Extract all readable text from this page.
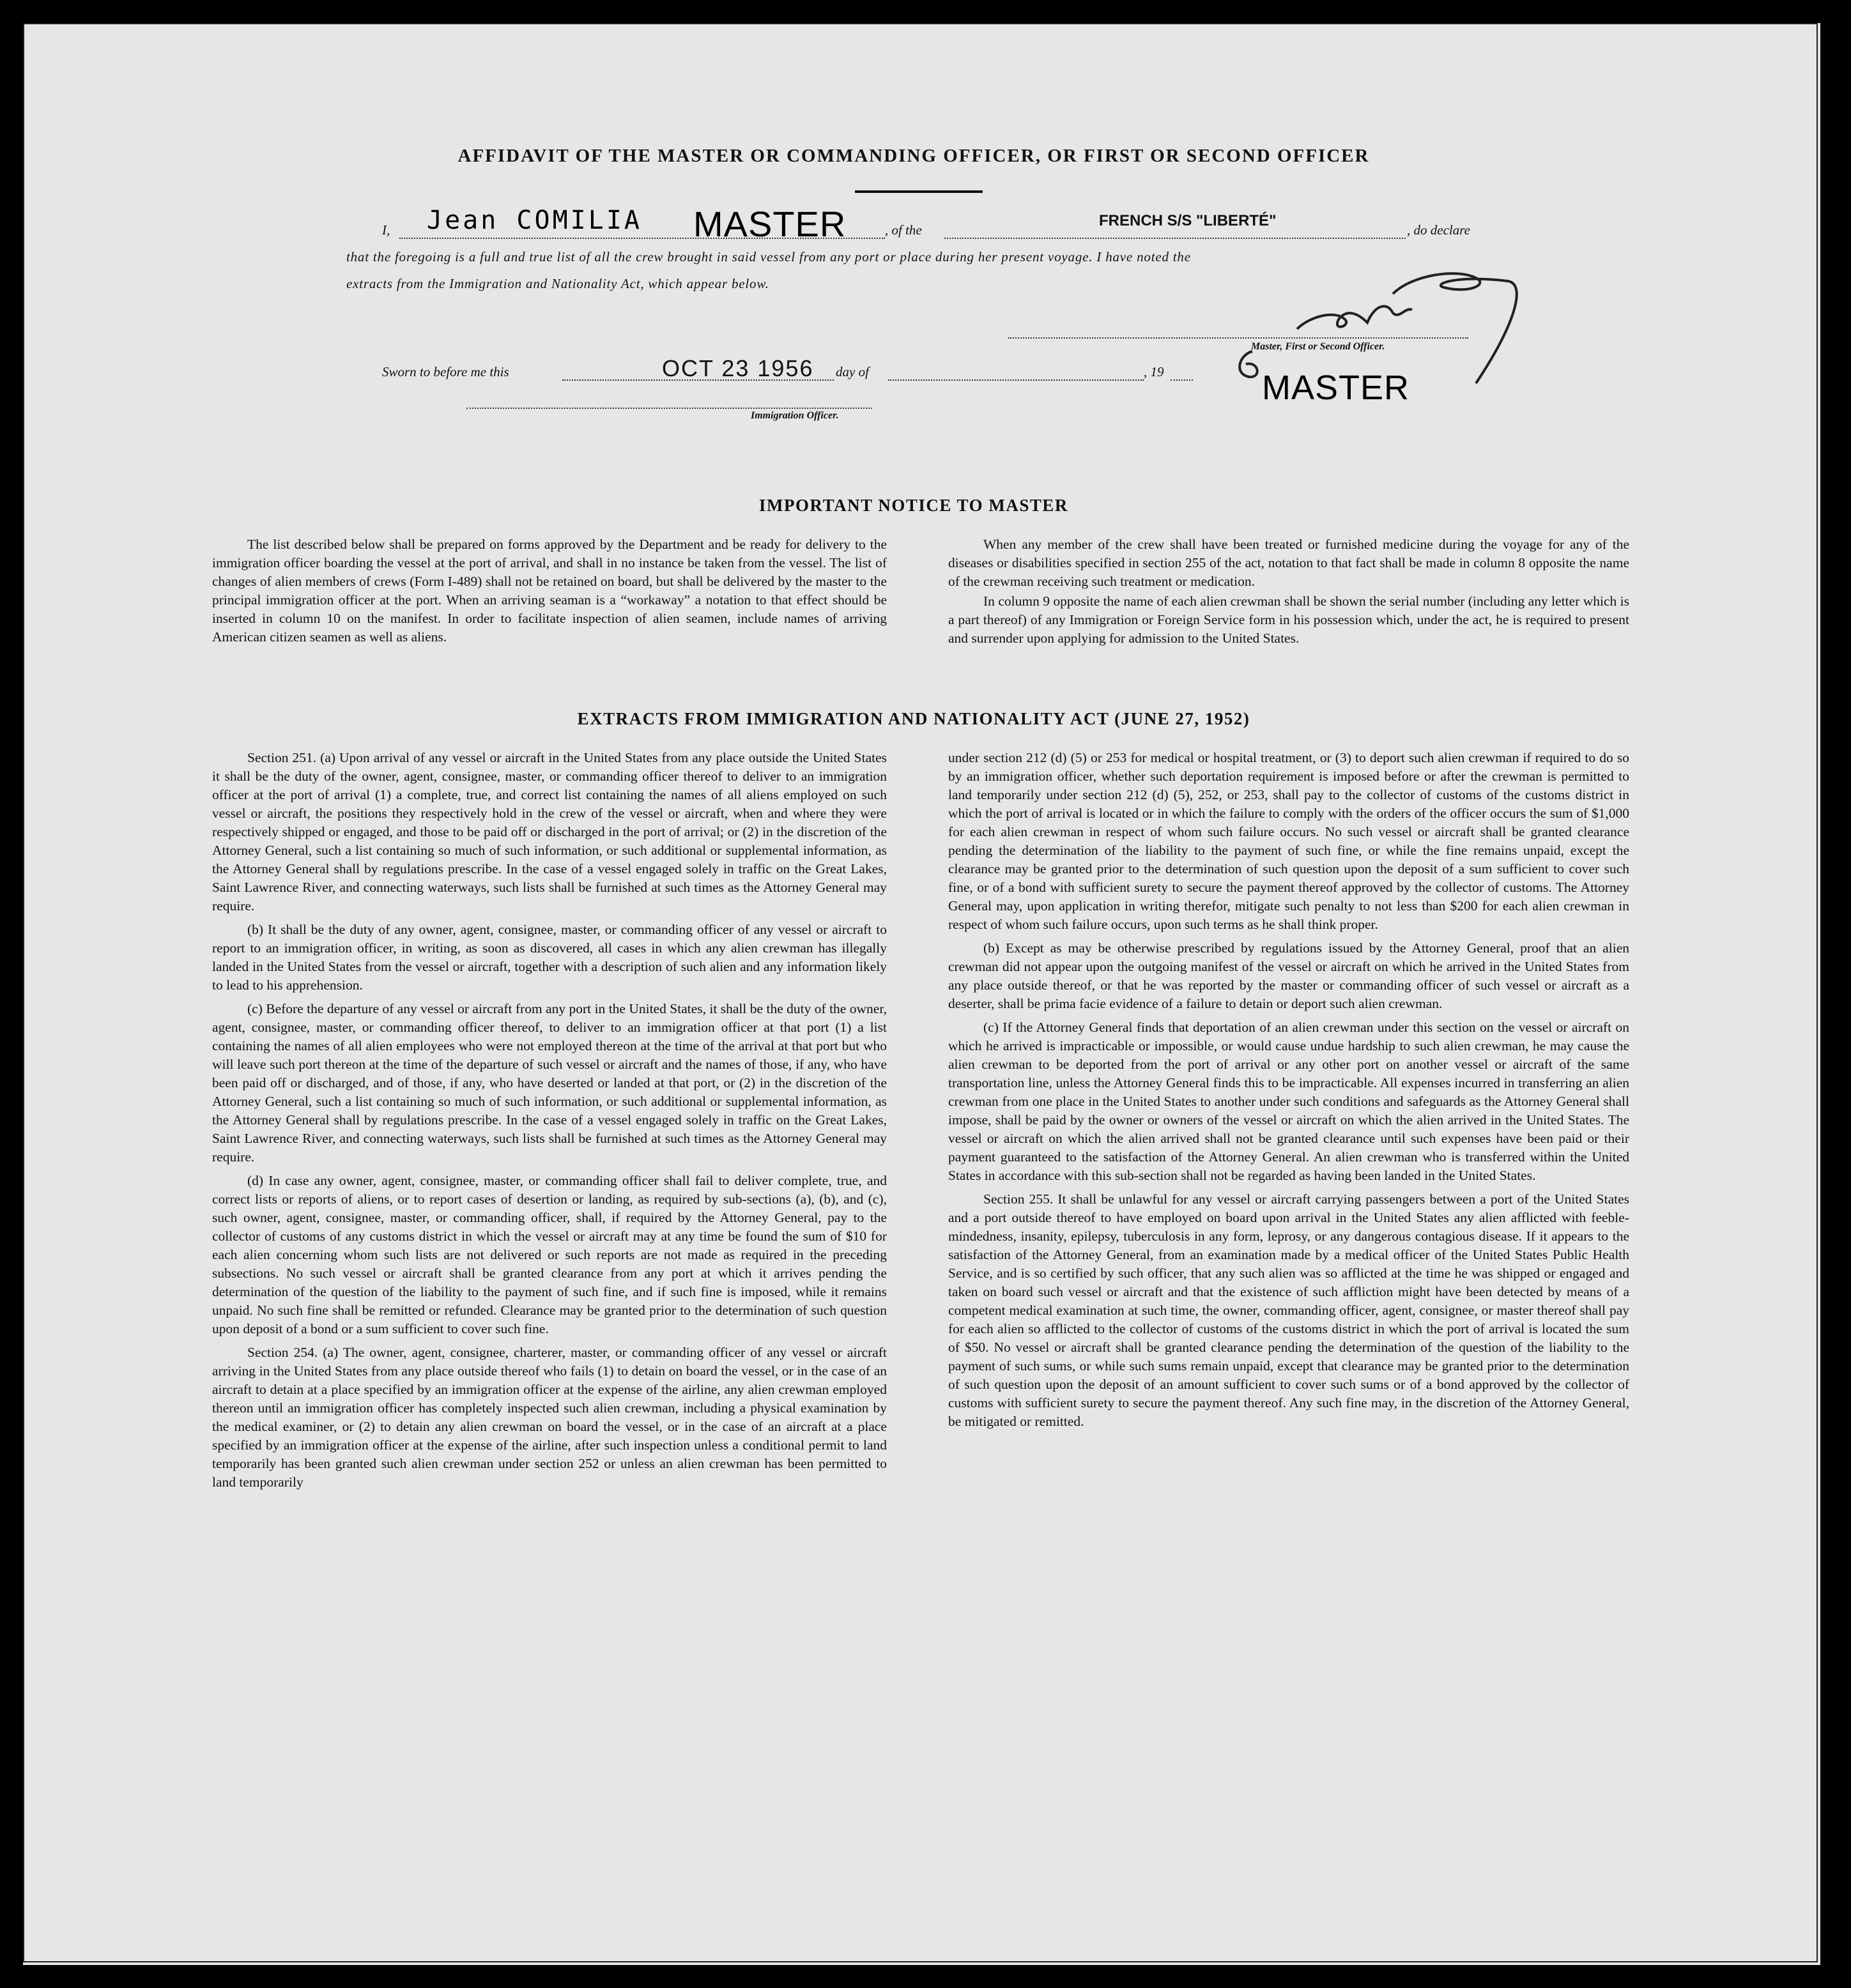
AFFIDAVIT OF THE MASTER OR COMMANDING OFFICER, OR FIRST OR SECOND OFFICER
I, Jean COMILIA MASTER	, of the
FRENCH S/S "LIBERTÉ"
, do declare
that the foregoing is a full and true list of all the crew brought in said vessel from any port or place during her present voyage. I have noted the
extracts from the Immigration and Nationality Act, which appear below.
Master, First or Second Officer.
MASTER
Sworn to before me this	OCT 23 1956 day of	, 19
Immigration Officer.
IMPORTANT NOTICE TO MASTER

The list described below shall be prepared on forms approved by the Department and be ready for delivery to the immigration officer boarding the vessel at the port of arrival, and shall in no instance be taken from the vessel. The list of changes of alien members of crews (Form I-489) shall not be retained on board, but shall be delivered by the master to the principal immigration officer at the port. When an arriving seaman is a “workaway” a notation to that effect should be inserted in column 10 on the manifest. In order to facilitate inspection of alien seamen, include names of arriving American citizen seamen as well as aliens.

When any member of the crew shall have been treated or furnished medicine during the voyage for any of the diseases or disabilities specified in section 255 of the act, notation to that fact shall be made in column 8 opposite the name of the crewman receiving such treatment or medication.

In column 9 opposite the name of each alien crewman shall be shown the serial number (including any letter which is a part thereof) of any Immigration or Foreign Service form in his possession which, under the act, he is required to present and surrender upon applying for admission to the United States.

EXTRACTS FROM IMMIGRATION AND NATIONALITY ACT (JUNE 27, 1952)

Section 251. (a) Upon arrival of any vessel or aircraft in the United States from any place outside the United States it shall be the duty of the owner, agent, consignee, master, or commanding officer thereof to deliver to an immigration officer at the port of arrival (1) a complete, true, and correct list containing the names of all aliens employed on such vessel or aircraft, the positions they respectively hold in the crew of the vessel or aircraft, when and where they were respectively shipped or engaged, and those to be paid off or discharged in the port of arrival; or (2) in the discretion of the Attorney General, such a list containing so much of such information, or such additional or supplemental information, as the Attorney General shall by regulations prescribe. In the case of a vessel engaged solely in traffic on the Great Lakes, Saint Lawrence River, and connecting waterways, such lists shall be furnished at such times as the Attorney General may require.

(b) It shall be the duty of any owner, agent, consignee, master, or commanding officer of any vessel or aircraft to report to an immigration officer, in writing, as soon as discovered, all cases in which any alien crewman has illegally landed in the United States from the vessel or aircraft, together with a description of such alien and any information likely to lead to his apprehension.

(c) Before the departure of any vessel or aircraft from any port in the United States, it shall be the duty of the owner, agent, consignee, master, or commanding officer thereof, to deliver to an immigration officer at that port (1) a list containing the names of all alien employees who were not employed thereon at the time of the arrival at that port but who will leave such port thereon at the time of the departure of such vessel or aircraft and the names of those, if any, who have been paid off or discharged, and of those, if any, who have deserted or landed at that port, or (2) in the discretion of the Attorney General, such a list containing so much of such information, or such additional or supplemental information, as the Attorney General shall by regulations prescribe. In the case of a vessel engaged solely in traffic on the Great Lakes, Saint Lawrence River, and connecting waterways, such lists shall be furnished at such times as the Attorney General may require.

(d) In case any owner, agent, consignee, master, or commanding officer shall fail to deliver complete, true, and correct lists or reports of aliens, or to report cases of desertion or landing, as required by sub-sections (a), (b), and (c), such owner, agent, consignee, master, or commanding officer, shall, if required by the Attorney General, pay to the collector of customs of any customs district in which the vessel or aircraft may at any time be found the sum of $10 for each alien concerning whom such lists are not delivered or such reports are not made as required in the preceding subsections. No such vessel or aircraft shall be granted clearance from any port at which it arrives pending the determination of the question of the liability to the payment of such fine, and if such fine is imposed, while it remains unpaid. No such fine shall be remitted or refunded. Clearance may be granted prior to the determination of such question upon deposit of a bond or a sum sufficient to cover such fine.

Section 254. (a) The owner, agent, consignee, charterer, master, or commanding officer of any vessel or aircraft arriving in the United States from any place outside thereof who fails (1) to detain on board the vessel, or in the case of an aircraft to detain at a place specified by an immigration officer at the expense of the airline, any alien crewman employed thereon until an immigration officer has completely inspected such alien crewman, including a physical examination by the medical examiner, or (2) to detain any alien crewman on board the vessel, or in the case of an aircraft at a place specified by an immigration officer at the expense of the airline, after such inspection unless a conditional permit to land temporarily has been granted such alien crewman under section 252 or unless an alien crewman has been permitted to land temporarily

under section 212 (d) (5) or 253 for medical or hospital treatment, or (3) to deport such alien crewman if required to do so by an immigration officer, whether such deportation requirement is imposed before or after the crewman is permitted to land temporarily under section 212 (d) (5), 252, or 253, shall pay to the collector of customs of the customs district in which the port of arrival is located or in which the failure to comply with the orders of the officer occurs the sum of $1,000 for each alien crewman in respect of whom such failure occurs. No such vessel or aircraft shall be granted clearance pending the determination of the liability to the payment of such fine, or while the fine remains unpaid, except the clearance may be granted prior to the determination of such question upon the deposit of a sum sufficient to cover such fine, or of a bond with sufficient surety to secure the payment thereof approved by the collector of customs. The Attorney General may, upon application in writing therefor, mitigate such penalty to not less than $200 for each alien crewman in respect of whom such failure occurs, upon such terms as he shall think proper.

(b) Except as may be otherwise prescribed by regulations issued by the Attorney General, proof that an alien crewman did not appear upon the outgoing manifest of the vessel or aircraft on which he arrived in the United States from any place outside thereof, or that he was reported by the master or commanding officer of such vessel or aircraft as a deserter, shall be prima facie evidence of a failure to detain or deport such alien crewman.

(c) If the Attorney General finds that deportation of an alien crewman under this section on the vessel or aircraft on which he arrived is impracticable or impossible, or would cause undue hardship to such alien crewman, he may cause the alien crewman to be deported from the port of arrival or any other port on another vessel or aircraft of the same transportation line, unless the Attorney General finds this to be impracticable. All expenses incurred in transferring an alien crewman from one place in the United States to another under such conditions and safeguards as the Attorney General shall impose, shall be paid by the owner or owners of the vessel or aircraft on which the alien arrived in the United States. The vessel or aircraft on which the alien arrived shall not be granted clearance until such expenses have been paid or their payment guaranteed to the satisfaction of the Attorney General. An alien crewman who is transferred within the United States in accordance with this sub-section shall not be regarded as having been landed in the United States.

Section 255. It shall be unlawful for any vessel or aircraft carrying passengers between a port of the United States and a port outside thereof to have employed on board upon arrival in the United States any alien afflicted with feeble-mindedness, insanity, epilepsy, tuberculosis in any form, leprosy, or any dangerous contagious disease. If it appears to the satisfaction of the Attorney General, from an examination made by a medical officer of the United States Public Health Service, and is so certified by such officer, that any such alien was so afflicted at the time he was shipped or engaged and taken on board such vessel or aircraft and that the existence of such affliction might have been detected by means of a competent medical examination at such time, the owner, commanding officer, agent, consignee, or master thereof shall pay for each alien so afflicted to the collector of customs of the customs district in which the port of arrival is located the sum of $50. No vessel or aircraft shall be granted clearance pending the determination of the question of the liability to the payment of such sums, or while such sums remain unpaid, except that clearance may be granted prior to the determination of such question upon the deposit of an amount sufficient to cover such sums or of a bond approved by the collector of customs with sufficient surety to secure the payment thereof. Any such fine may, in the discretion of the Attorney General, be mitigated or remitted.
